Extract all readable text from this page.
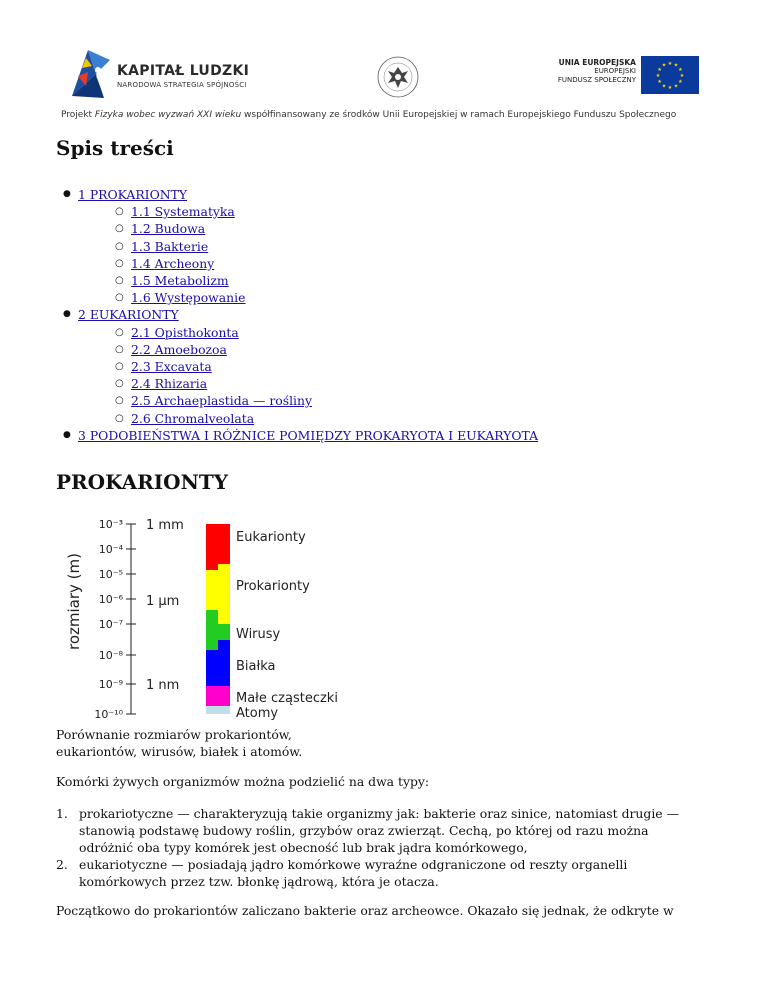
KAPITAŁ LUDZKI
NARODOWA STRATEGIA SPÓJNOŚCI
UNIA EUROPEJSKA
EUROPEJSKI
FUNDUSZ SPOŁECZNY
★ ★
★
★
★
★
★
★
★
★
★
★
Projekt Fizyka wobec wyzwań XXI wieku współfinansowany ze środków Unii Europejskiej w ramach Europejskiego Funduszu Społecznego
Spis treści
● 1 PROKARIONTY
○ 1.1 Systematyka
○ 1.2 Budowa
○ 1.3 Bakterie
○ 1.4 Archeony
○ 1.5 Metabolizm
○ 1.6 Występowanie
● 2 EUKARIONTY
○ 2.1 Opisthokonta
○ 2.2 Amoebozoa
○ 2.3 Excavata
○ 2.4 Rhizaria
○ 2.5 Archaeplastida — rośliny
○ 2.6 Chromalveolata
● 3 PODOBIEŃSTWA I RÓŻNICE POMIĘDZY PROKARYOTA I EUKARYOTA
PROKARIONTY
rozmiary (m)
10⁻³
10⁻⁴
10⁻⁵
10⁻⁶
10⁻⁷
10⁻⁸
10⁻⁹
10⁻¹⁰
1 mm
1 μm
1 nm
Eukarionty
Prokarionty
Wirusy
Białka
Małe cząsteczki
Atomy
Porównanie rozmiarów prokariontów,
eukariontów, wirusów, białek i atomów.

Komórki żywych organizmów można podzielić na dwa typy:

1. prokariotyczne — charakteryzują takie organizmy jak: bakterie oraz sinice, natomiast drugie —
stanowią podstawę budowy roślin, grzybów oraz zwierząt. Cechą, po której od razu można
odróżnić oba typy komórek jest obecność lub brak jądra komórkowego,
2. eukariotyczne — posiadają jądro komórkowe wyraźne odgraniczone od reszty organelli
komórkowych przez tzw. błonkę jądrową, która je otacza.

Początkowo do prokariontów zaliczano bakterie oraz archeowce. Okazało się jednak, że odkryte w
